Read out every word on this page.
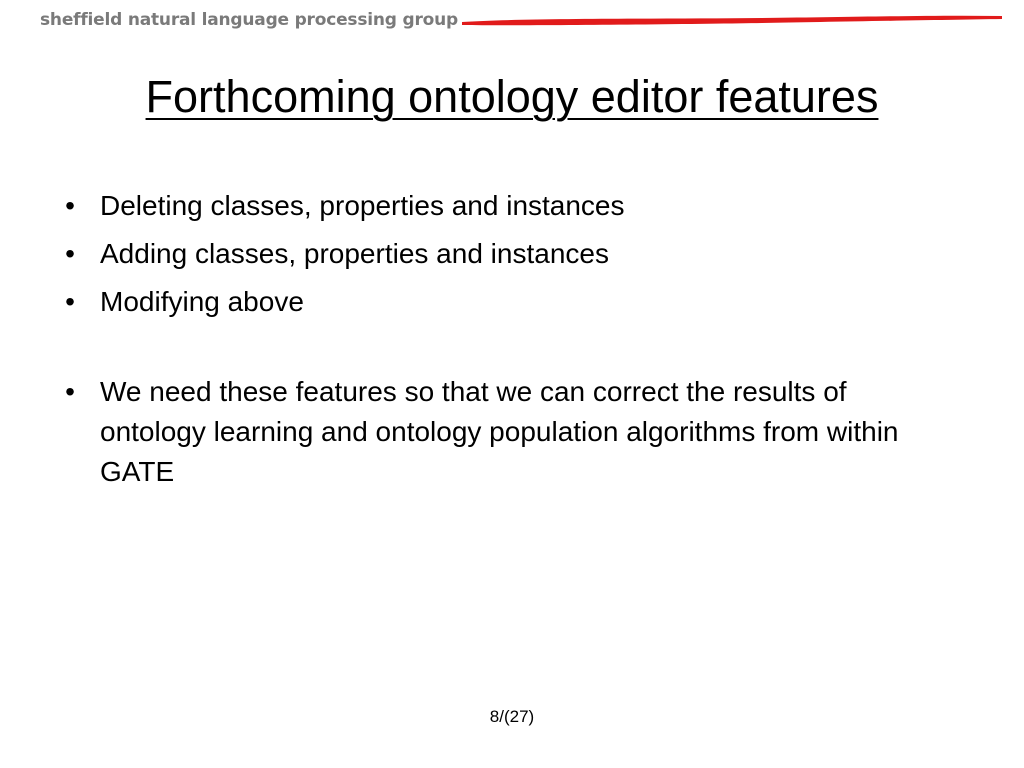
sheffield natural language processing group
Forthcoming ontology editor features
• Deleting classes, properties and instances
• Adding classes, properties and instances
• Modifying above
• We need these features so that we can correct the results of ontology learning and ontology population algorithms from within GATE
8/(27)
